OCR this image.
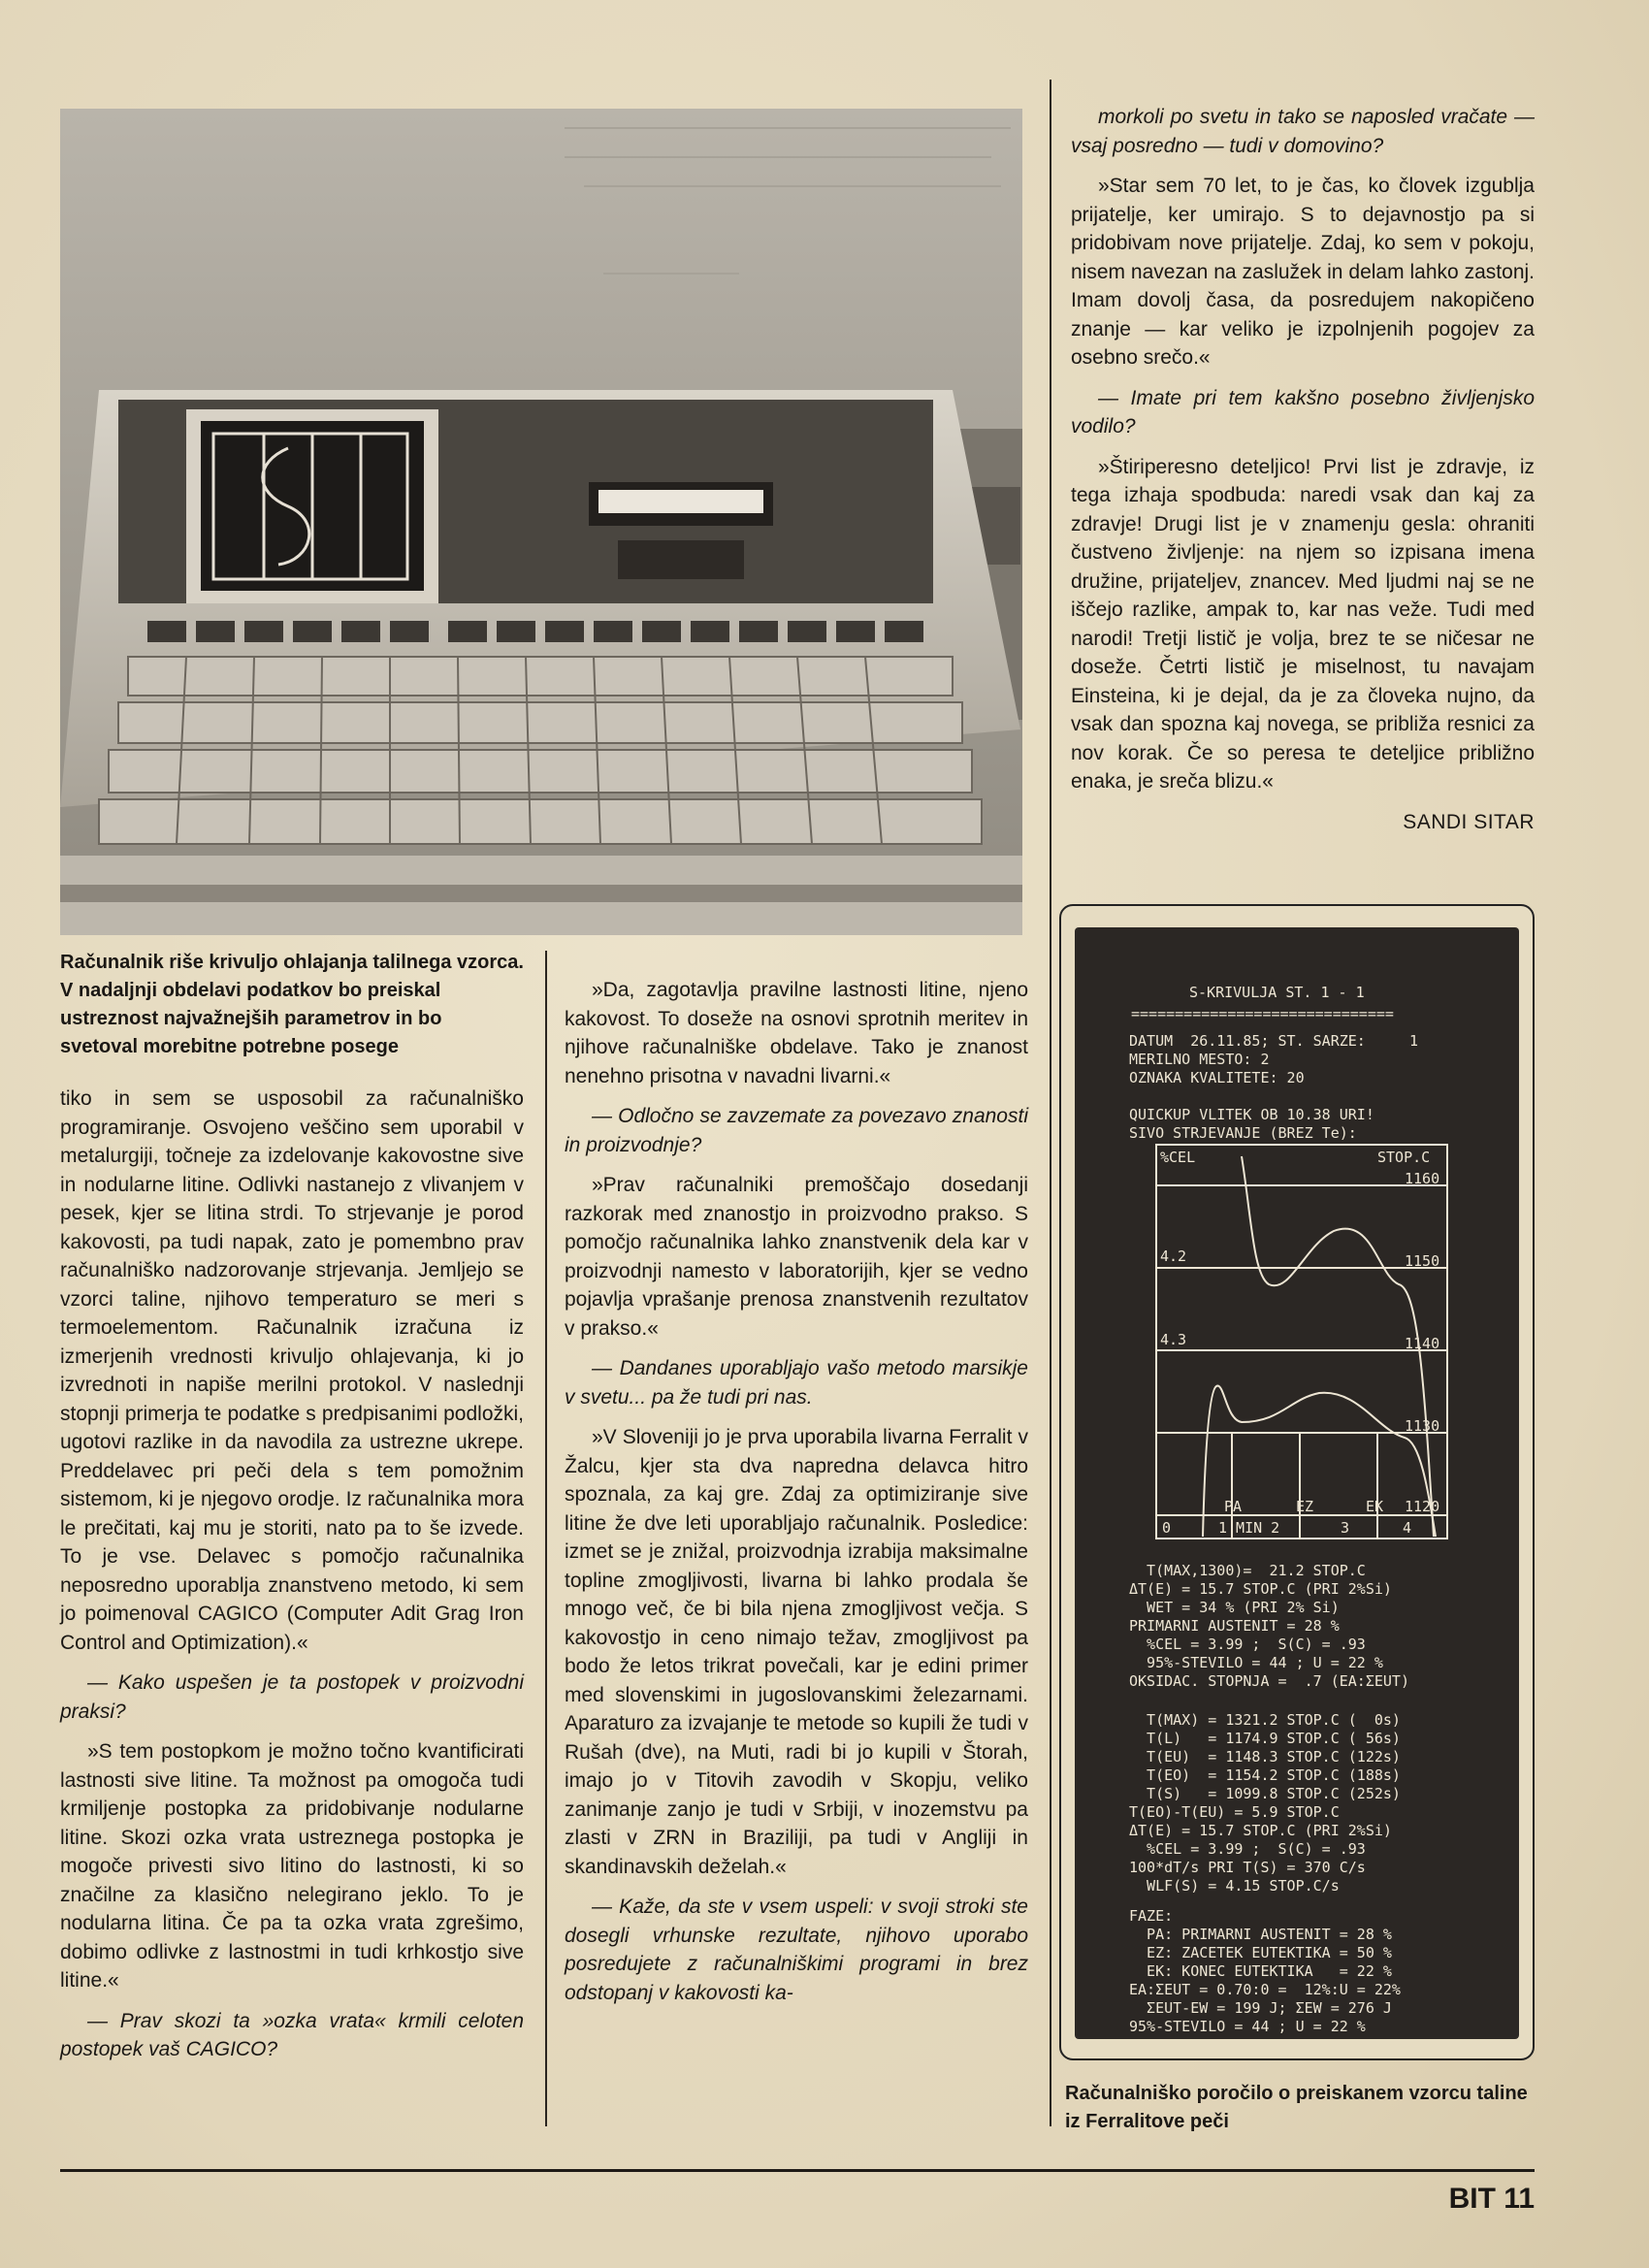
Računalnik riše krivuljo ohlajanja talilnega vzorca. V nadaljnji obdelavi podatkov bo preiskal ustreznost najvažnejših parametrov in bo svetoval morebitne potrebne posege

tiko in sem se usposobil za računalniško programiranje. Osvojeno veščino sem uporabil v metalurgiji, točneje za izdelovanje kakovostne sive in nodularne litine. Odlivki nastanejo z vlivanjem v pesek, kjer se litina strdi. To strjevanje je porod kakovosti, pa tudi napak, zato je pomembno prav računalniško nadzorovanje strjevanja. Jemljejo se vzorci taline, njihovo temperaturo se meri s termoelementom. Računalnik izračuna iz izmerjenih vrednosti krivuljo ohlajevanja, ki jo izvrednoti in napiše merilni protokol. V naslednji stopnji primerja te podatke s predpisanimi podložki, ugotovi razlike in da navodila za ustrezne ukrepe. Preddelavec pri peči dela s tem pomožnim sistemom, ki je njegovo orodje. Iz računalnika mora le prečitati, kaj mu je storiti, nato pa to še izvede. To je vse. Delavec s pomočjo računalnika neposredno uporablja znanstveno metodo, ki sem jo poimenoval CAGICO (Computer Adit Grag Iron Control and Optimization).«

— Kako uspešen je ta postopek v proizvodni praksi?

»S tem postopkom je možno točno kvantificirati lastnosti sive litine. Ta možnost pa omogoča tudi krmiljenje postopka za pridobivanje nodularne litine. Skozi ozka vrata ustreznega postopka je mogoče privesti sivo litino do lastnosti, ki so značilne za klasično nelegirano jeklo. To je nodularna litina. Če pa ta ozka vrata zgrešimo, dobimo odlivke z lastnostmi in tudi krhkostjo sive litine.«

— Prav skozi ta »ozka vrata« krmili celoten postopek vaš CAGICO?

»Da, zagotavlja pravilne lastnosti litine, njeno kakovost. To doseže na osnovi sprotnih meritev in njihove računalniške obdelave. Tako je znanost nenehno prisotna v navadni livarni.«

— Odločno se zavzemate za povezavo znanosti in proizvodnje?

»Prav računalniki premoščajo dosedanji razkorak med znanostjo in proizvodno prakso. S pomočjo računalnika lahko znanstvenik dela kar v proizvodnji namesto v laboratorijih, kjer se vedno pojavlja vprašanje prenosa znanstvenih rezultatov v prakso.«

— Dandanes uporabljajo vašo metodo marsikje v svetu... pa že tudi pri nas.

»V Sloveniji jo je prva uporabila livarna Ferralit v Žalcu, kjer sta dva napredna delavca hitro spoznala, za kaj gre. Zdaj za optimiziranje sive litine že dve leti uporabljajo računalnik. Posledice: izmet se je znižal, proizvodnja izrabija maksimalne topline zmogljivosti, livarna bi lahko prodala še mnogo več, če bi bila njena zmogljivost večja. S kakovostjo in ceno nimajo težav, zmogljivost pa bodo že letos trikrat povečali, kar je edini primer med slovenskimi in jugoslovanskimi železarnami. Aparaturo za izvajanje te metode so kupili že tudi v Rušah (dve), na Muti, radi bi jo kupili v Štorah, imajo jo v Titovih zavodih v Skopju, veliko zanimanje zanjo je tudi v Srbiji, v inozemstvu pa zlasti v ZRN in Braziliji, pa tudi v Angliji in skandinavskih deželah.«

— Kaže, da ste v vsem uspeli: v svoji stroki ste dosegli vrhunske rezultate, njihovo uporabo posredujete z računalniškimi programi in brez odstopanj v kakovosti ka-

morkoli po svetu in tako se naposled vračate — vsaj posredno — tudi v domovino?

»Star sem 70 let, to je čas, ko človek izgublja prijatelje, ker umirajo. S to dejavnostjo pa si pridobivam nove prijatelje. Zdaj, ko sem v pokoju, nisem navezan na zaslužek in delam lahko zastonj. Imam dovolj časa, da posredujem nakopičeno znanje — kar veliko je izpolnjenih pogojev za osebno srečo.«

— Imate pri tem kakšno posebno življenjsko vodilo?

»Štiriperesno deteljico! Prvi list je zdravje, iz tega izhaja spodbuda: naredi vsak dan kaj za zdravje! Drugi list je v znamenju gesla: ohraniti čustveno življenje: na njem so izpisana imena družine, prijateljev, znancev. Med ljudmi naj se ne iščejo razlike, ampak to, kar nas veže. Tudi med narodi! Tretji listič je volja, brez te se ničesar ne doseže. Četrti listič je miselnost, tu navajam Einsteina, ki je dejal, da je za človeka nujno, da vsak dan spozna kaj novega, se približa resnici za nov korak. Če so peresa te deteljice približno enaka, je sreča blizu.«

SANDI SITAR

S-KRIVULJA ST. 1 - 1
==============================
DATUM  26.11.85; ST. SARZE:     1
MERILNO MESTO: 2
OZNAKA KVALITETE: 20

QUICKUP VLITEK OB 10.38 URI!
SIVO STRJEVANJE (BREZ Te):
%CEL	STOP.C
1160
1150
1140
1130
1120
4.2
4.3
PA	EZ	EK
0	1 MIN 2	3	4
T(MAX,1300)=  21.2 STOP.C
ΔT(E) = 15.7 STOP.C (PRI 2%Si)
WET = 34 % (PRI 2% Si)
PRIMARNI AUSTENIT = 28 %
%CEL = 3.99 ;  S(C) = .93
95%-STEVILO = 44 ; U = 22 %
OKSIDAC. STOPNJA =  .7 (EA:ΣEUT)
T(MAX) = 1321.2 STOP.C (  0s)
T(L)   = 1174.9 STOP.C ( 56s)
T(EU)  = 1148.3 STOP.C (122s)
T(EO)  = 1154.2 STOP.C (188s)
T(S)   = 1099.8 STOP.C (252s)
T(EO)-T(EU) = 5.9 STOP.C
ΔT(E) = 15.7 STOP.C (PRI 2%Si)
%CEL = 3.99 ;  S(C) = .93
100*dT/s PRI T(S) = 370 C/s
WLF(S) = 4.15 STOP.C/s
FAZE:
PA: PRIMARNI AUSTENIT = 28 %
EZ: ZACETEK EUTEKTIKA = 50 %
EK: KONEC EUTEKTIKA   = 22 %
EA:ΣEUT = 0.70:0 =  12%:U = 22%
ΣEUT-EW = 199 J; ΣEW = 276 J
95%-STEVILO = 44 ; U = 22 %
Računalniško poročilo o preiskanem vzorcu taline iz Ferralitove peči
BIT 11
